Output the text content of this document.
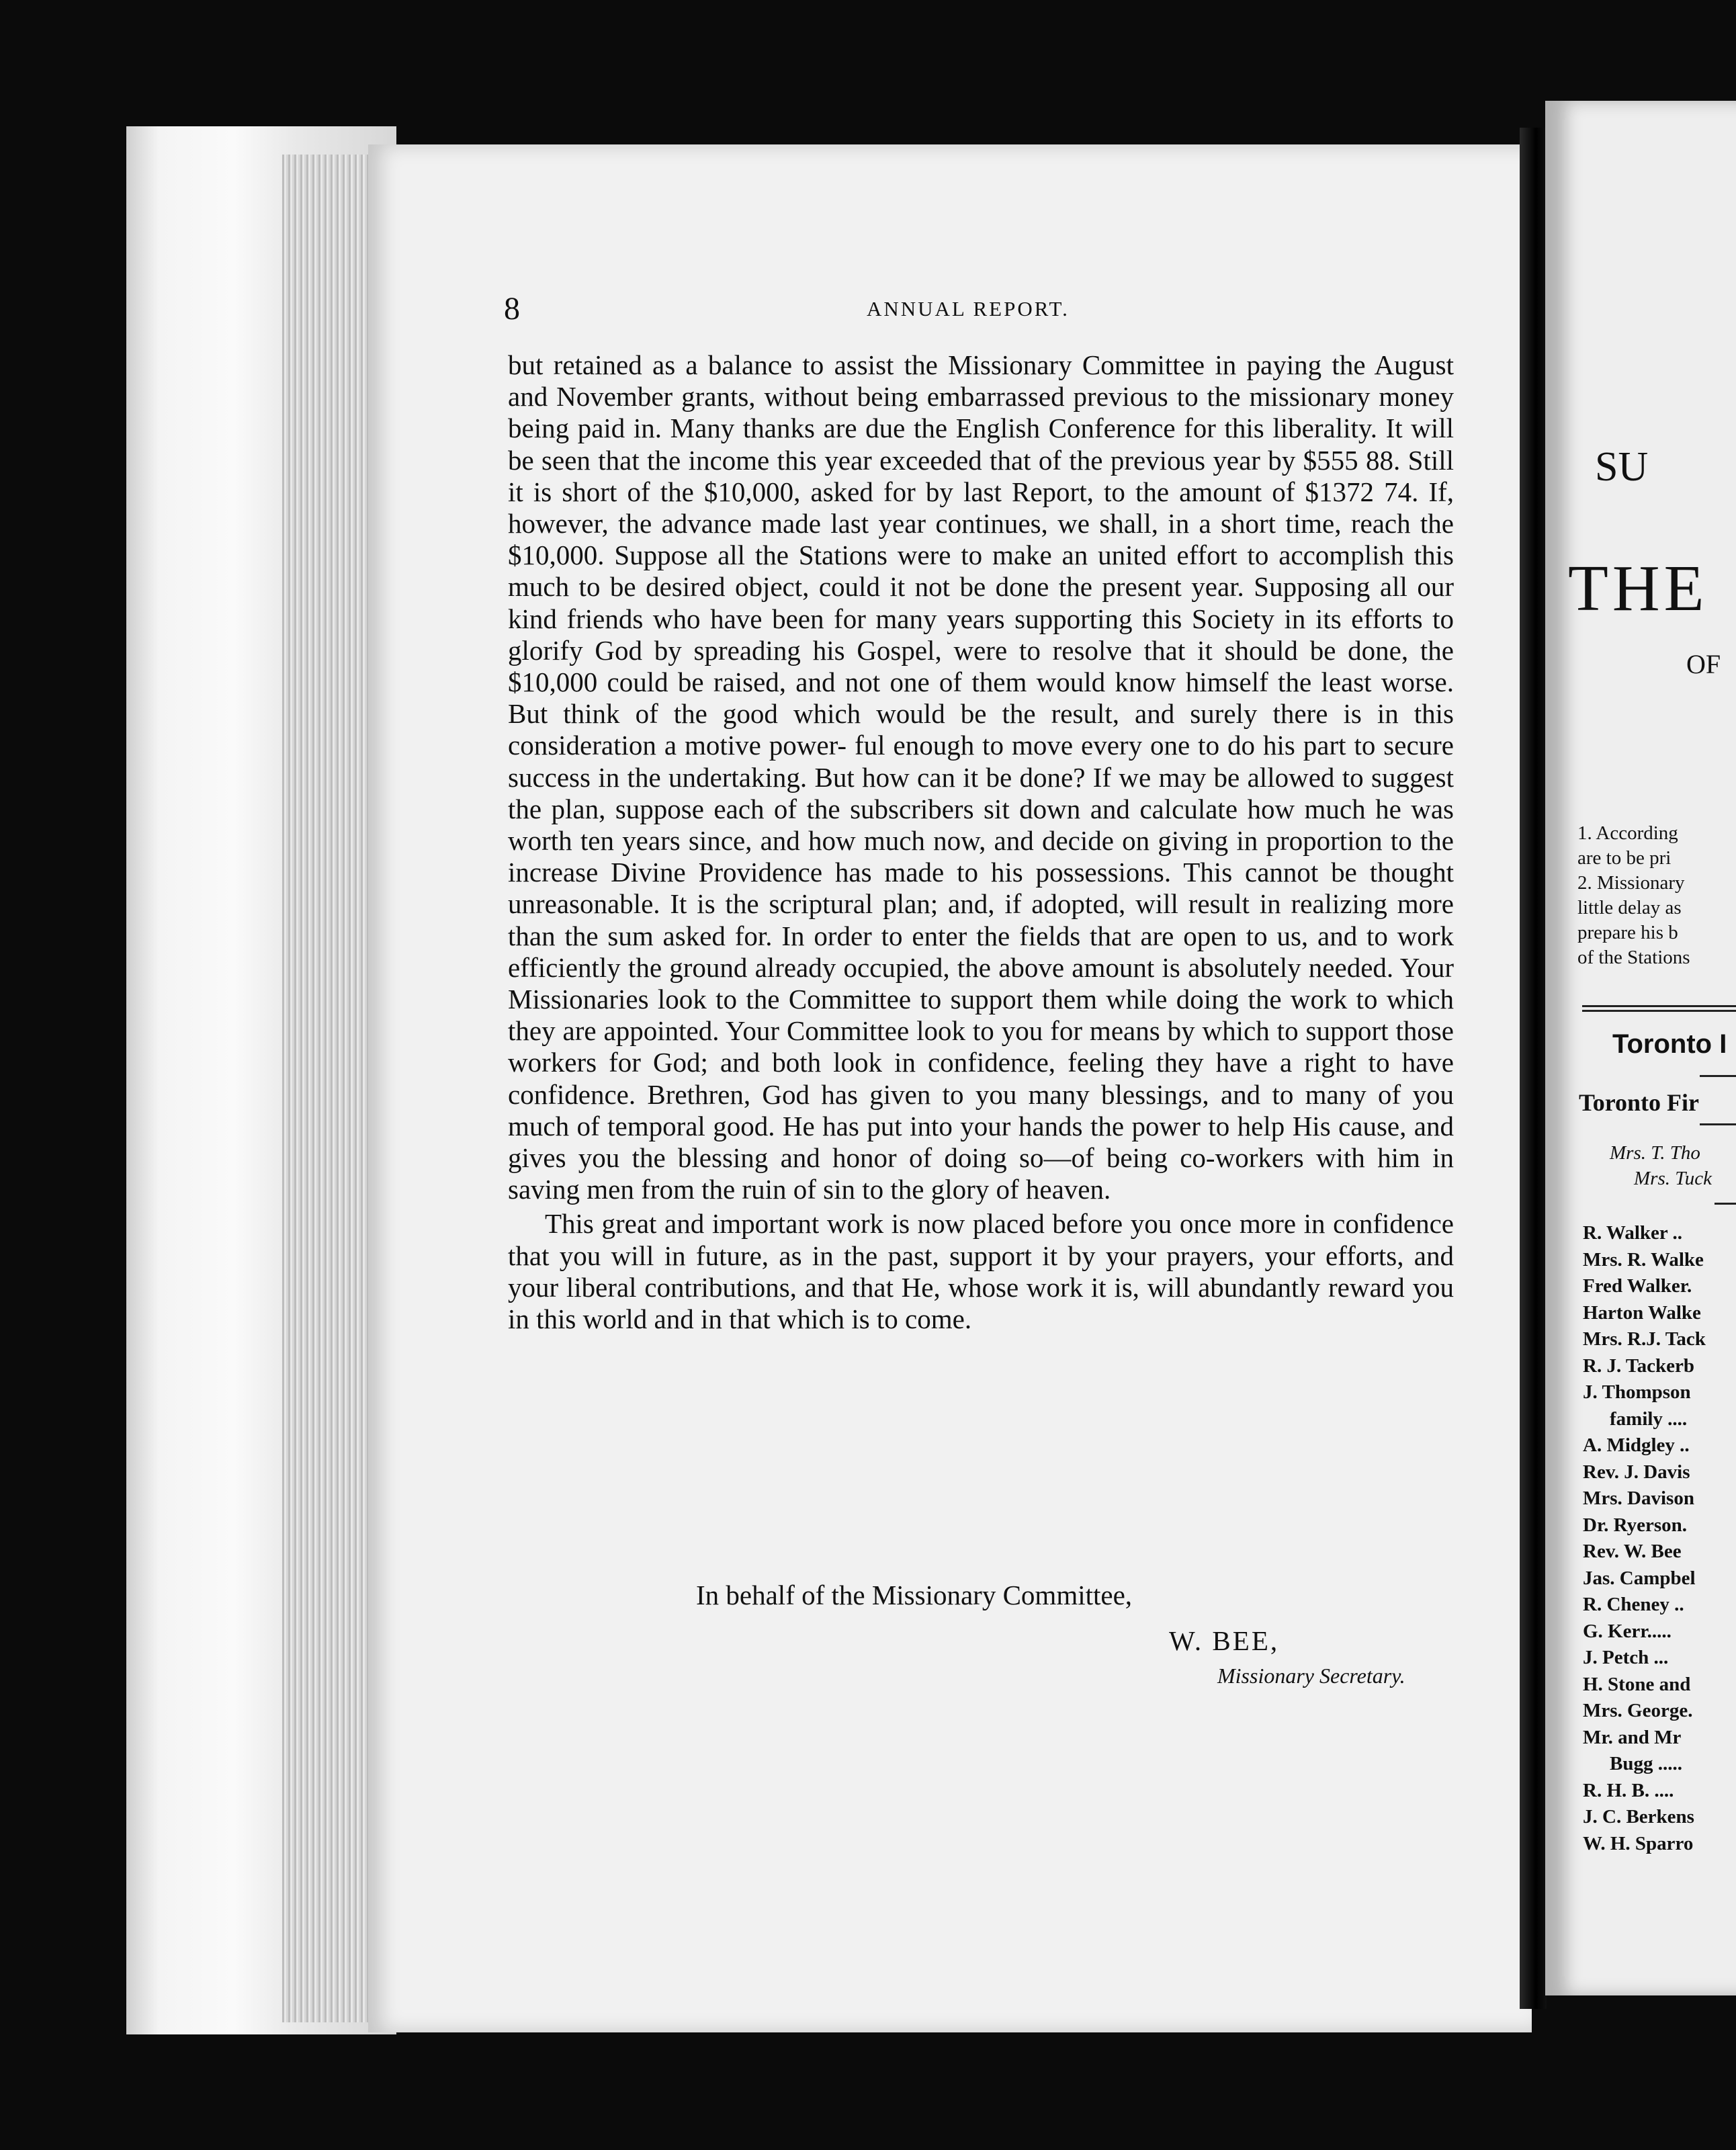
8	ANNUAL REPORT.

but retained as a balance to assist the Missionary Committee in paying the August and November grants, without being embarrassed previous to the missionary money being paid in. Many thanks are due the English Conference for this liberality. It will be seen that the income this year exceeded that of the previous year by $555 88. Still it is short of the $10,000, asked for by last Report, to the amount of $1372 74. If, however, the advance made last year continues, we shall, in a short time, reach the $10,000. Suppose all the Stations were to make an united effort to accomplish this much to be desired object, could it not be done the present year. Supposing all our kind friends who have been for many years supporting this Society in its efforts to glorify God by spreading his Gospel, were to resolve that it should be done, the $10,000 could be raised, and not one of them would know himself the least worse. But think of the good which would be the result, and surely there is in this consideration a motive power- ful enough to move every one to do his part to secure success in the undertaking. But how can it be done? If we may be allowed to suggest the plan, suppose each of the subscribers sit down and calculate how much he was worth ten years since, and how much now, and decide on giving in proportion to the increase Divine Providence has made to his possessions. This cannot be thought unreasonable. It is the scriptural plan; and, if adopted, will result in realizing more than the sum asked for. In order to enter the fields that are open to us, and to work efficiently the ground already occupied, the above amount is absolutely needed. Your Missionaries look to the Committee to support them while doing the work to which they are appointed. Your Committee look to you for means by which to support those workers for God; and both look in confidence, feeling they have a right to have confidence. Brethren, God has given to you many blessings, and to many of you much of temporal good. He has put into your hands the power to help His cause, and gives you the blessing and honor of doing so—of being co-workers with him in saving men from the ruin of sin to the glory of heaven.

This great and important work is now placed before you once more in confidence that you will in future, as in the past, support it by your prayers, your efforts, and your liberal contributions, and that He, whose work it is, will abundantly reward you in this world and in that which is to come.

In behalf of the Missionary Committee,
W. BEE,
Missionary Secretary.
SU
THE
OF
1. According
are to be pri
2. Missionary
little delay as
prepare his b
of the Stations
Toronto I
Toronto Fir
Mrs. T. Tho
Mrs. Tuck
R. Walker ..
Mrs. R. Walke
Fred Walker.
Harton Walke
Mrs. R.J. Tack
R. J. Tackerb
J. Thompson
family ....
A. Midgley ..
Rev. J. Davis
Mrs. Davison
Dr. Ryerson.
Rev. W. Bee
Jas. Campbel
R. Cheney ..
G. Kerr.....
J. Petch ...
H. Stone and
Mrs. George.
Mr. and Mr
Bugg .....
R. H. B. ....
J. C. Berkens
W. H. Sparro
